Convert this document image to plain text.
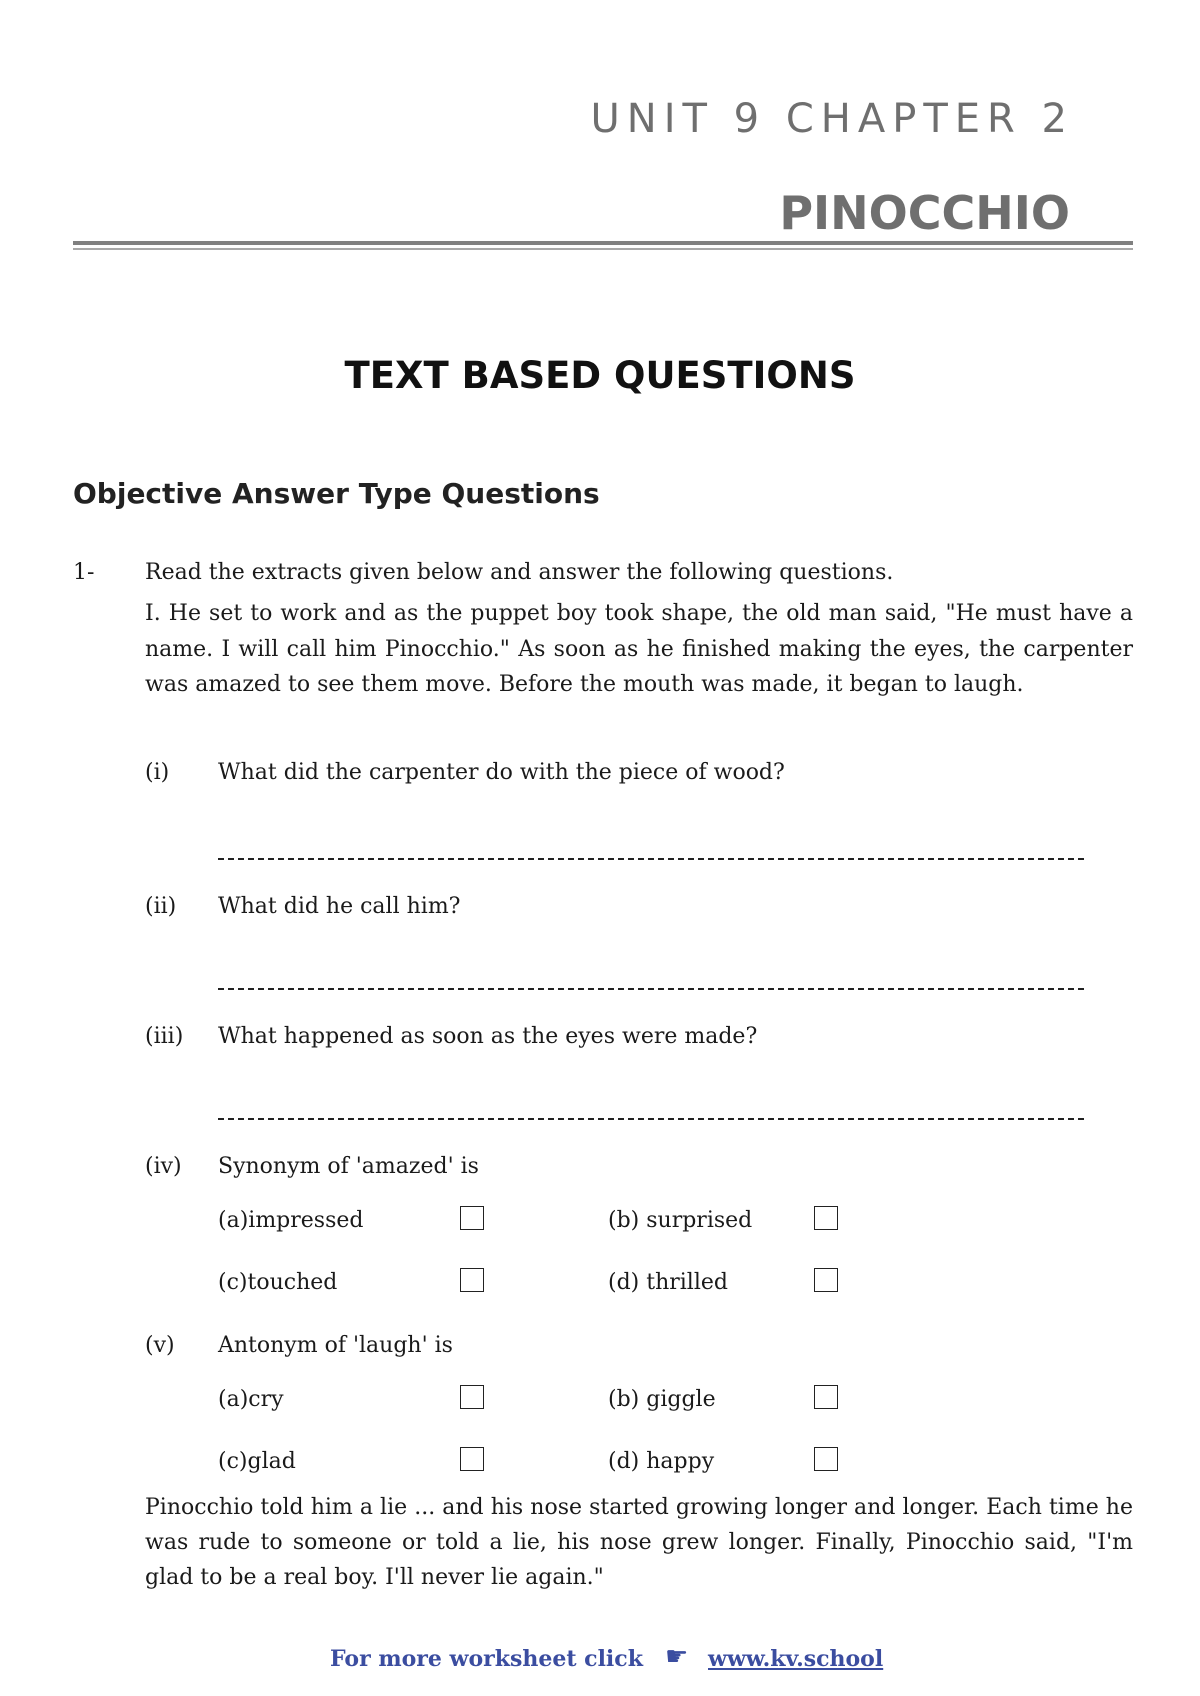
UNIT 9 CHAPTER 2
PINOCCHIO
TEXT BASED QUESTIONS
Objective Answer Type Questions
1- Read the extracts given below and answer the following questions.

I. He set to work and as the puppet boy took shape, the old man said, "He must have a name. I will call him Pinocchio." As soon as he finished making the eyes, the carpenter was amazed to see them move. Before the mouth was made, it began to laugh.

(i) What did the carpenter do with the piece of wood?
(ii) What did he call him?
(iii) What happened as soon as the eyes were made?
(iv) Synonym of 'amazed' is
(a)impressed	(b) surprised
(c)touched	(d) thrilled
(v) Antonym of 'laugh' is
(a)cry	(b) giggle
(c)glad	(d) happy

Pinocchio told him a lie ... and his nose started growing longer and longer. Each time he was rude to someone or told a lie, his nose grew longer. Finally, Pinocchio said, "I'm glad to be a real boy. I'll never lie again."

For more worksheet click ☛ www.kv.school
